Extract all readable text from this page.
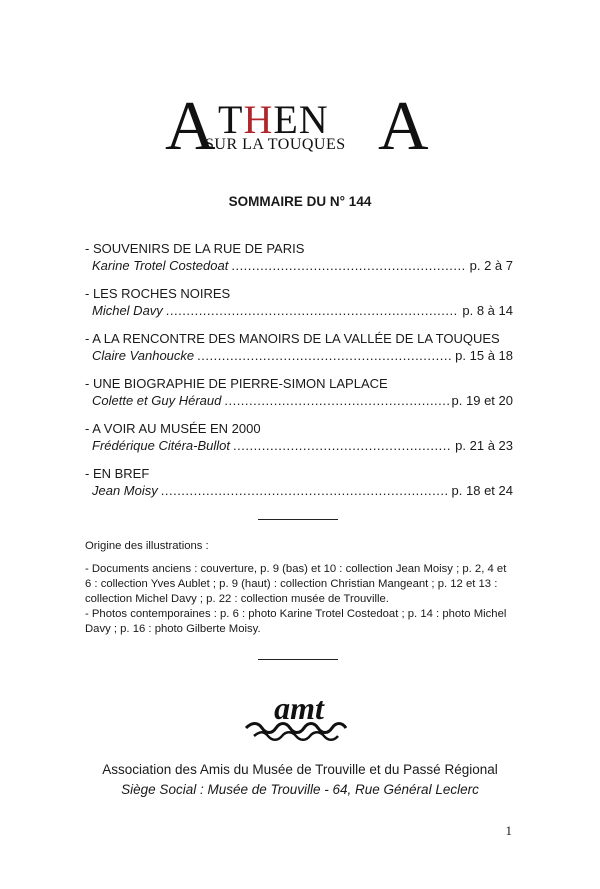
A THEN A
SUR LA TOUQUES
SOMMAIRE DU N° 144
- SOUVENIRS DE LA RUE DE PARIS
Karine Trotel Costedoat .....	p. 2 à 7
- LES ROCHES NOIRES
Michel Davy .....	p. 8 à 14
- A LA RENCONTRE DES MANOIRS DE LA VALLÉE DE LA TOUQUES
Claire Vanhoucke .....	p. 15 à 18
- UNE BIOGRAPHIE DE PIERRE-SIMON LAPLACE
Colette et Guy Héraud .....	p. 19 et 20
- A VOIR AU MUSÉE EN 2000
Frédérique Citéra-Bullot .....	p. 21 à 23
- EN BREF
Jean Moisy .....	p. 18 et 24

Origine des illustrations :

- Documents anciens : couverture, p. 9 (bas) et 10 : collection Jean Moisy ; p. 2, 4 et 6 : collection Yves Aublet ; p. 9 (haut) : collection Christian Mangeant ; p. 12 et 13 : collection Michel Davy ; p. 22 : collection musée de Trouville.

- Photos contemporaines : p. 6 : photo Karine Trotel Costedoat ; p. 14 : photo Michel Davy ; p. 16 : photo Gilberte Moisy.

amt
Association des Amis du Musée de Trouville et du Passé Régional
Siège Social : Musée de Trouville - 64, Rue Général Leclerc
1
